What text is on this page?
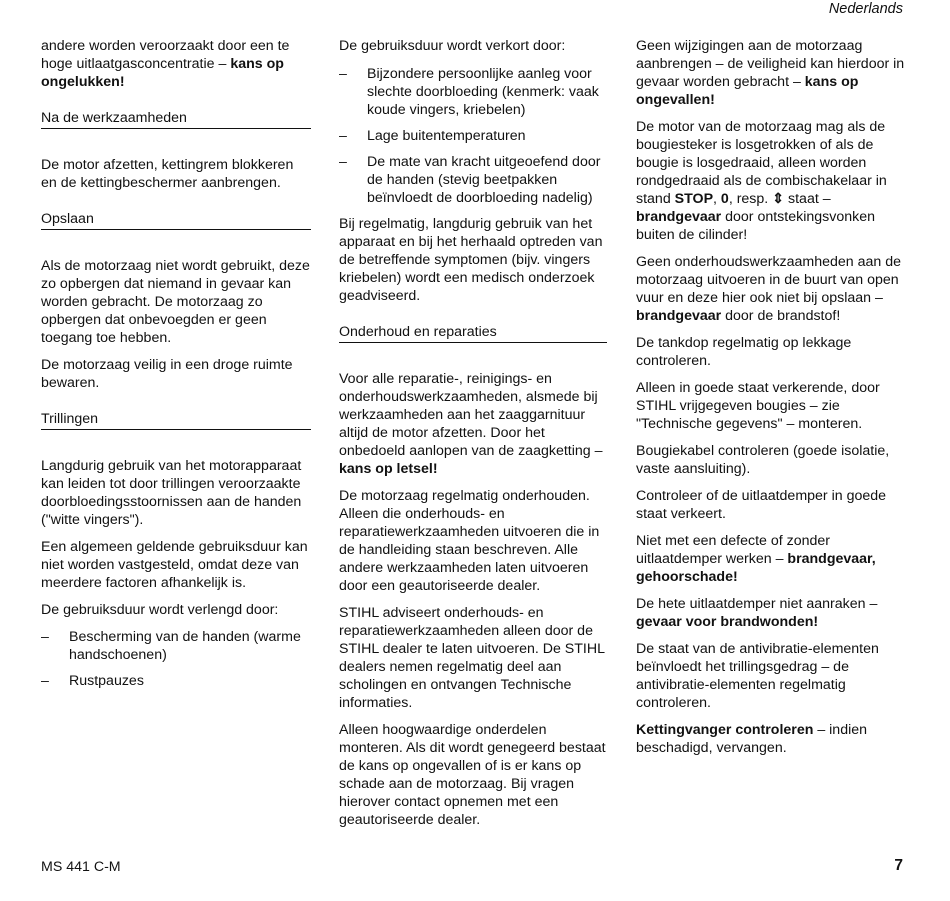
Nederlands

andere worden veroorzaakt door een te hoge uitlaatgasconcentratie – kans op ongelukken!

Na de werkzaamheden

De motor afzetten, kettingrem blokkeren en de kettingbeschermer aanbrengen.

Opslaan

Als de motorzaag niet wordt gebruikt, deze zo opbergen dat niemand in gevaar kan worden gebracht. De motorzaag zo opbergen dat onbevoegden er geen toegang toe hebben.

De motorzaag veilig in een droge ruimte bewaren.

Trillingen

Langdurig gebruik van het motorapparaat kan leiden tot door trillingen veroorzaakte doorbloedingsstoornissen aan de handen ("witte vingers").

Een algemeen geldende gebruiksduur kan niet worden vastgesteld, omdat deze van meerdere factoren afhankelijk is.

De gebruiksduur wordt verlengd door:

– Bescherming van de handen (warme handschoenen)
– Rustpauzes

De gebruiksduur wordt verkort door:

– Bijzondere persoonlijke aanleg voor slechte doorbloeding (kenmerk: vaak koude vingers, kriebelen)
– Lage buitentemperaturen
– De mate van kracht uitgeoefend door de handen (stevig beetpakken beïnvloedt de doorbloeding nadelig)

Bij regelmatig, langdurig gebruik van het apparaat en bij het herhaald optreden van de betreffende symptomen (bijv. vingers kriebelen) wordt een medisch onderzoek geadviseerd.

Onderhoud en reparaties

Voor alle reparatie-, reinigings- en onderhoudswerkzaamheden, alsmede bij werkzaamheden aan het zaaggarnituur altijd de motor afzetten. Door het onbedoeld aanlopen van de zaagketting – kans op letsel!

De motorzaag regelmatig onderhouden. Alleen die onderhouds- en reparatiewerkzaamheden uitvoeren die in de handleiding staan beschreven. Alle andere werkzaamheden laten uitvoeren door een geautoriseerde dealer.

STIHL adviseert onderhouds- en reparatiewerkzaamheden alleen door de STIHL dealer te laten uitvoeren. De STIHL dealers nemen regelmatig deel aan scholingen en ontvangen Technische informaties.

Alleen hoogwaardige onderdelen monteren. Als dit wordt genegeerd bestaat de kans op ongevallen of is er kans op schade aan de motorzaag. Bij vragen hierover contact opnemen met een geautoriseerde dealer.

Geen wijzigingen aan de motorzaag aanbrengen – de veiligheid kan hierdoor in gevaar worden gebracht – kans op ongevallen!

De motor van de motorzaag mag als de bougiesteker is losgetrokken of als de bougie is losgedraaid, alleen worden rondgedraaid als de combischakelaar in stand STOP, 0, resp. ⇕ staat – brandgevaar door ontstekingsvonken buiten de cilinder!

Geen onderhoudswerkzaamheden aan de motorzaag uitvoeren in de buurt van open vuur en deze hier ook niet bij opslaan – brandgevaar door de brandstof!

De tankdop regelmatig op lekkage controleren.

Alleen in goede staat verkerende, door STIHL vrijgegeven bougies – zie "Technische gegevens" – monteren.

Bougiekabel controleren (goede isolatie, vaste aansluiting).

Controleer of de uitlaatdemper in goede staat verkeert.

Niet met een defecte of zonder uitlaatdemper werken – brandgevaar, gehoorschade!

De hete uitlaatdemper niet aanraken – gevaar voor brandwonden!

De staat van de antivibratie-elementen beïnvloedt het trillingsgedrag – de antivibratie-elementen regelmatig controleren.

Kettingvanger controleren – indien beschadigd, vervangen.

MS 441 C-M	7
